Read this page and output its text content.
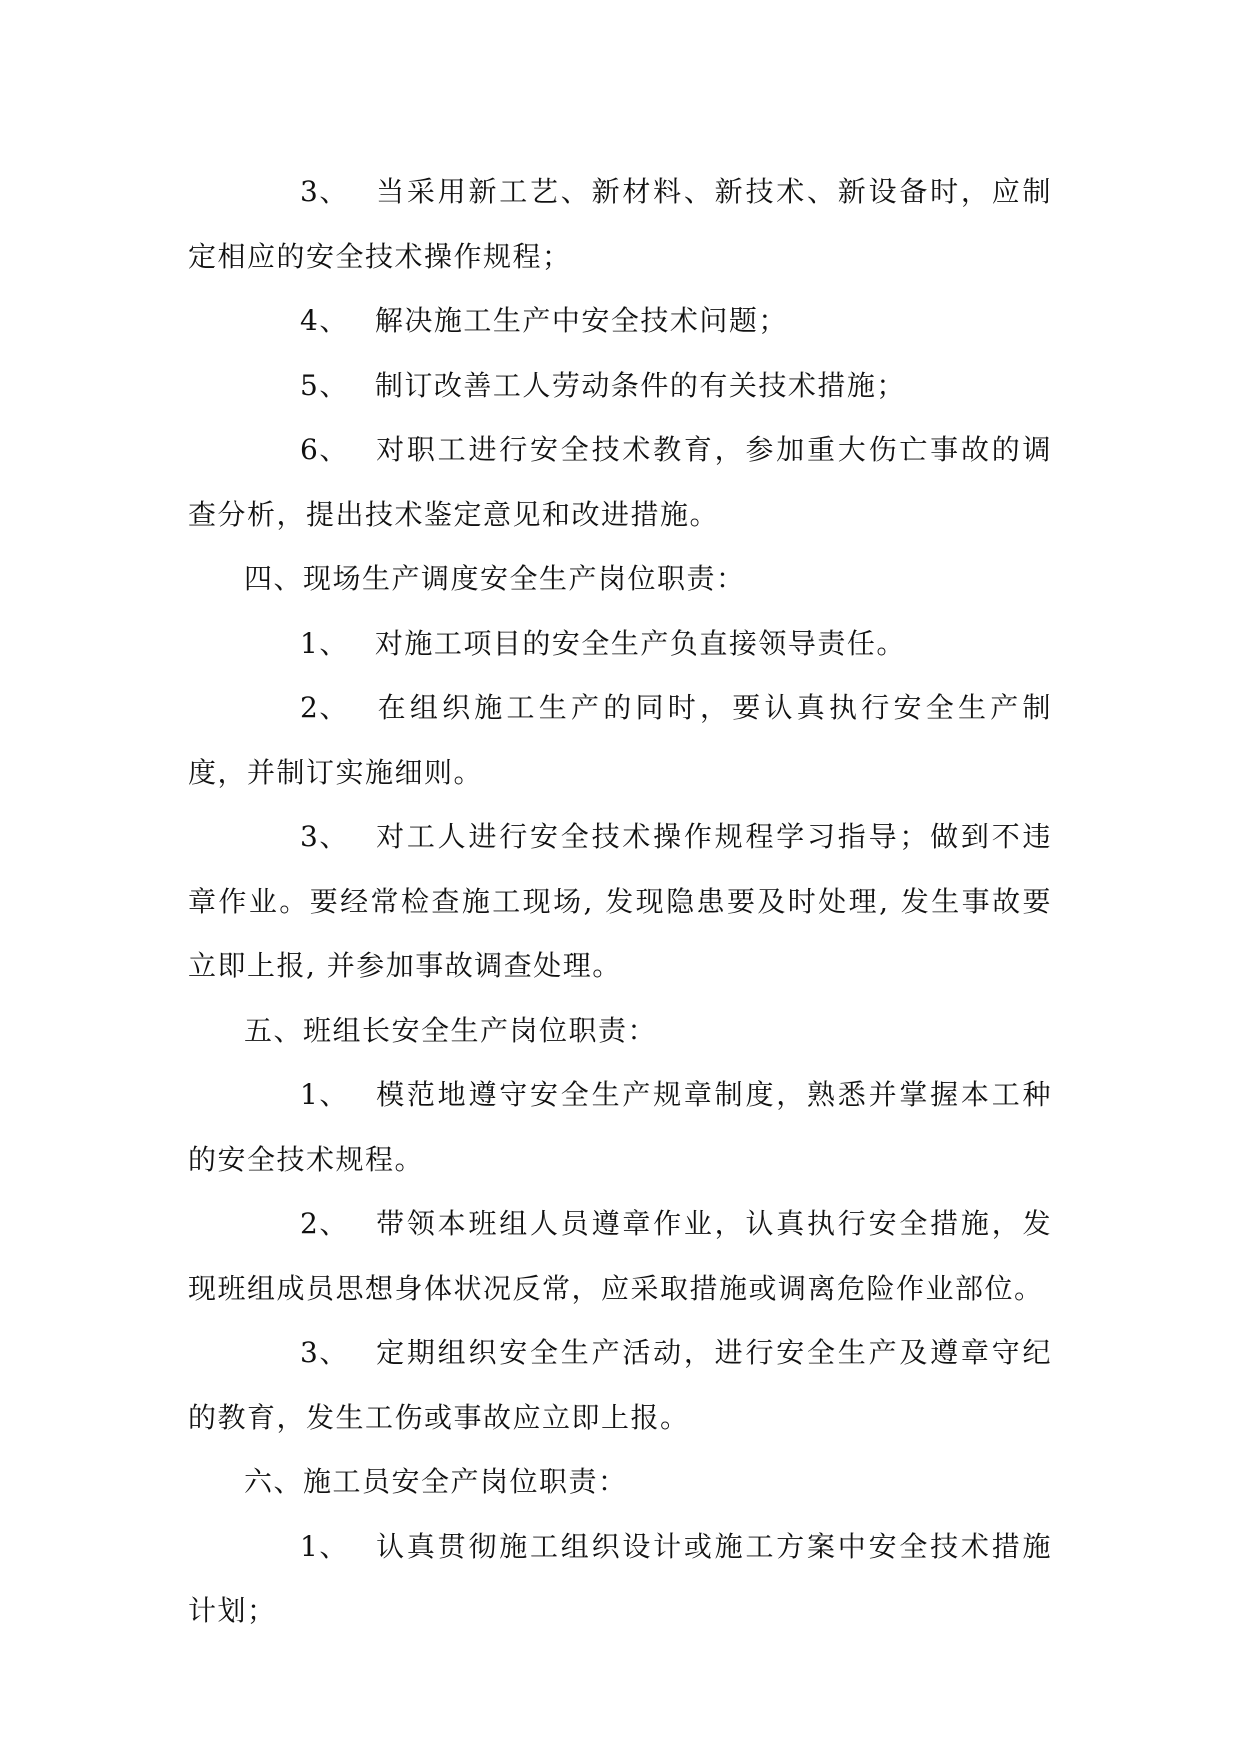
3、 当采用新工艺、新材料、新技术、新设备时，应制定相应的安全技术操作规程；

4、 解决施工生产中安全技术问题；

5、 制订改善工人劳动条件的有关技术措施；

6、 对职工进行安全技术教育，参加重大伤亡事故的调查分析，提出技术鉴定意见和改进措施。

四、现场生产调度安全生产岗位职责：

1、 对施工项目的安全生产负直接领导责任。

2、 在组织施工生产的同时，要认真执行安全生产制度，并制订实施细则。

3、 对工人进行安全技术操作规程学习指导；做到不违章作业。要经常检查施工现场, 发现隐患要及时处理, 发生事故要立即上报, 并参加事故调查处理。

五、班组长安全生产岗位职责：

1、 模范地遵守安全生产规章制度，熟悉并掌握本工种的安全技术规程。

2、 带领本班组人员遵章作业，认真执行安全措施，发现班组成员思想身体状况反常，应采取措施或调离危险作业部位。

3、 定期组织安全生产活动，进行安全生产及遵章守纪的教育，发生工伤或事故应立即上报。

六、施工员安全产岗位职责：

1、 认真贯彻施工组织设计或施工方案中安全技术措施计划；
